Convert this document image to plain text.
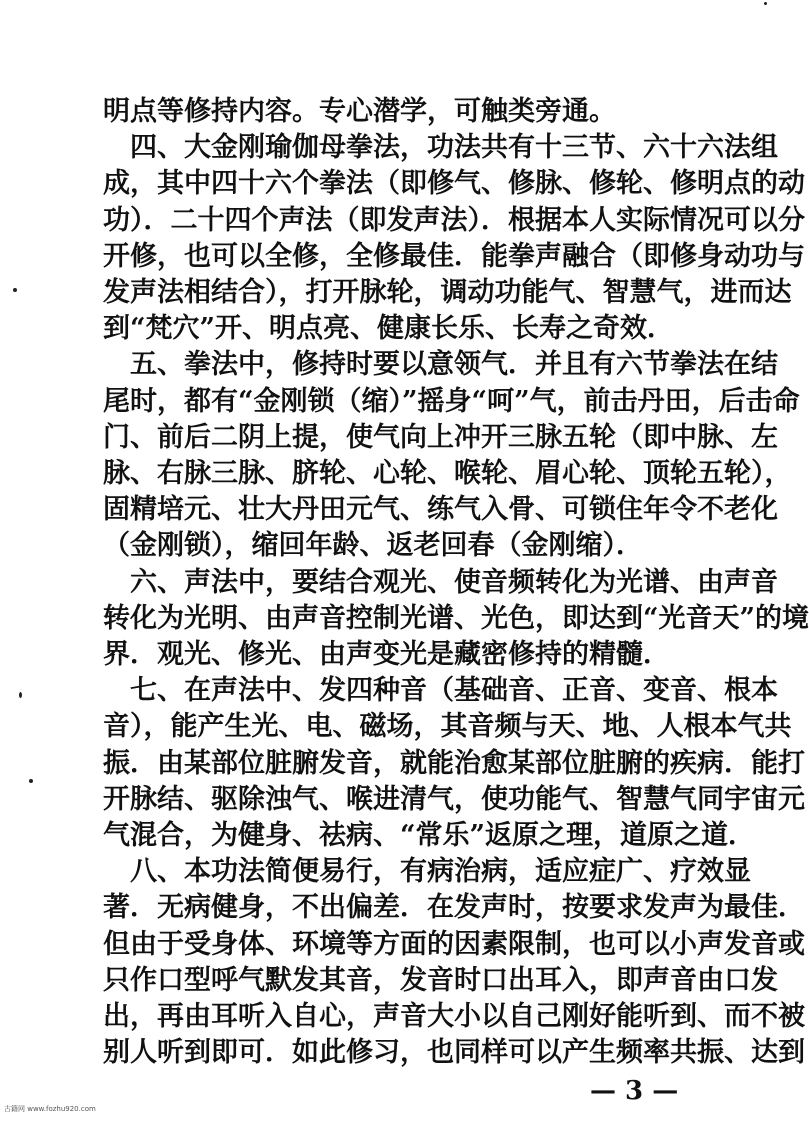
明点等修持内容。专心潜学，可触类旁通。
　四、大金刚瑜伽母拳法，功法共有十三节、六十六法组
成，其中四十六个拳法（即修气、修脉、修轮、修明点的动
功）．二十四个声法（即发声法）．根据本人实际情况可以分
开修，也可以全修，全修最佳．能拳声融合（即修身动功与
发声法相结合），打开脉轮，调动功能气、智慧气，进而达
到“梵穴”开、明点亮、健康长乐、长寿之奇效．
　五、拳法中，修持时要以意领气．并且有六节拳法在结
尾时，都有“金刚锁（缩）”摇身“呵”气，前击丹田，后击命
门、前后二阴上提，使气向上冲开三脉五轮（即中脉、左
脉、右脉三脉、脐轮、心轮、喉轮、眉心轮、顶轮五轮），
固精培元、壮大丹田元气、练气入骨、可锁住年令不老化
（金刚锁），缩回年龄、返老回春（金刚缩）．
　六、声法中，要结合观光、使音频转化为光谱、由声音
转化为光明、由声音控制光谱、光色，即达到“光音天”的境
界．观光、修光、由声变光是藏密修持的精髓．
　七、在声法中、发四种音（基础音、正音、变音、根本
音），能产生光、电、磁场，其音频与天、地、人根本气共
振．由某部位脏腑发音，就能治愈某部位脏腑的疾病．能打
开脉结、驱除浊气、喉进清气，使功能气、智慧气同宇宙元
气混合，为健身、祛病、“常乐”返原之理，道原之道．
　八、本功法简便易行，有病治病，适应症广、疗效显
著．无病健身，不出偏差．在发声时，按要求发声为最佳．
但由于受身体、环境等方面的因素限制，也可以小声发音或
只作口型呼气默发其音，发音时口出耳入，即声音由口发
出，再由耳听入自心，声音大小以自己刚好能听到、而不被
别人听到即可．如此修习，也同样可以产生频率共振、达到
— 3 —
古籍网 www.fozhu920.com
